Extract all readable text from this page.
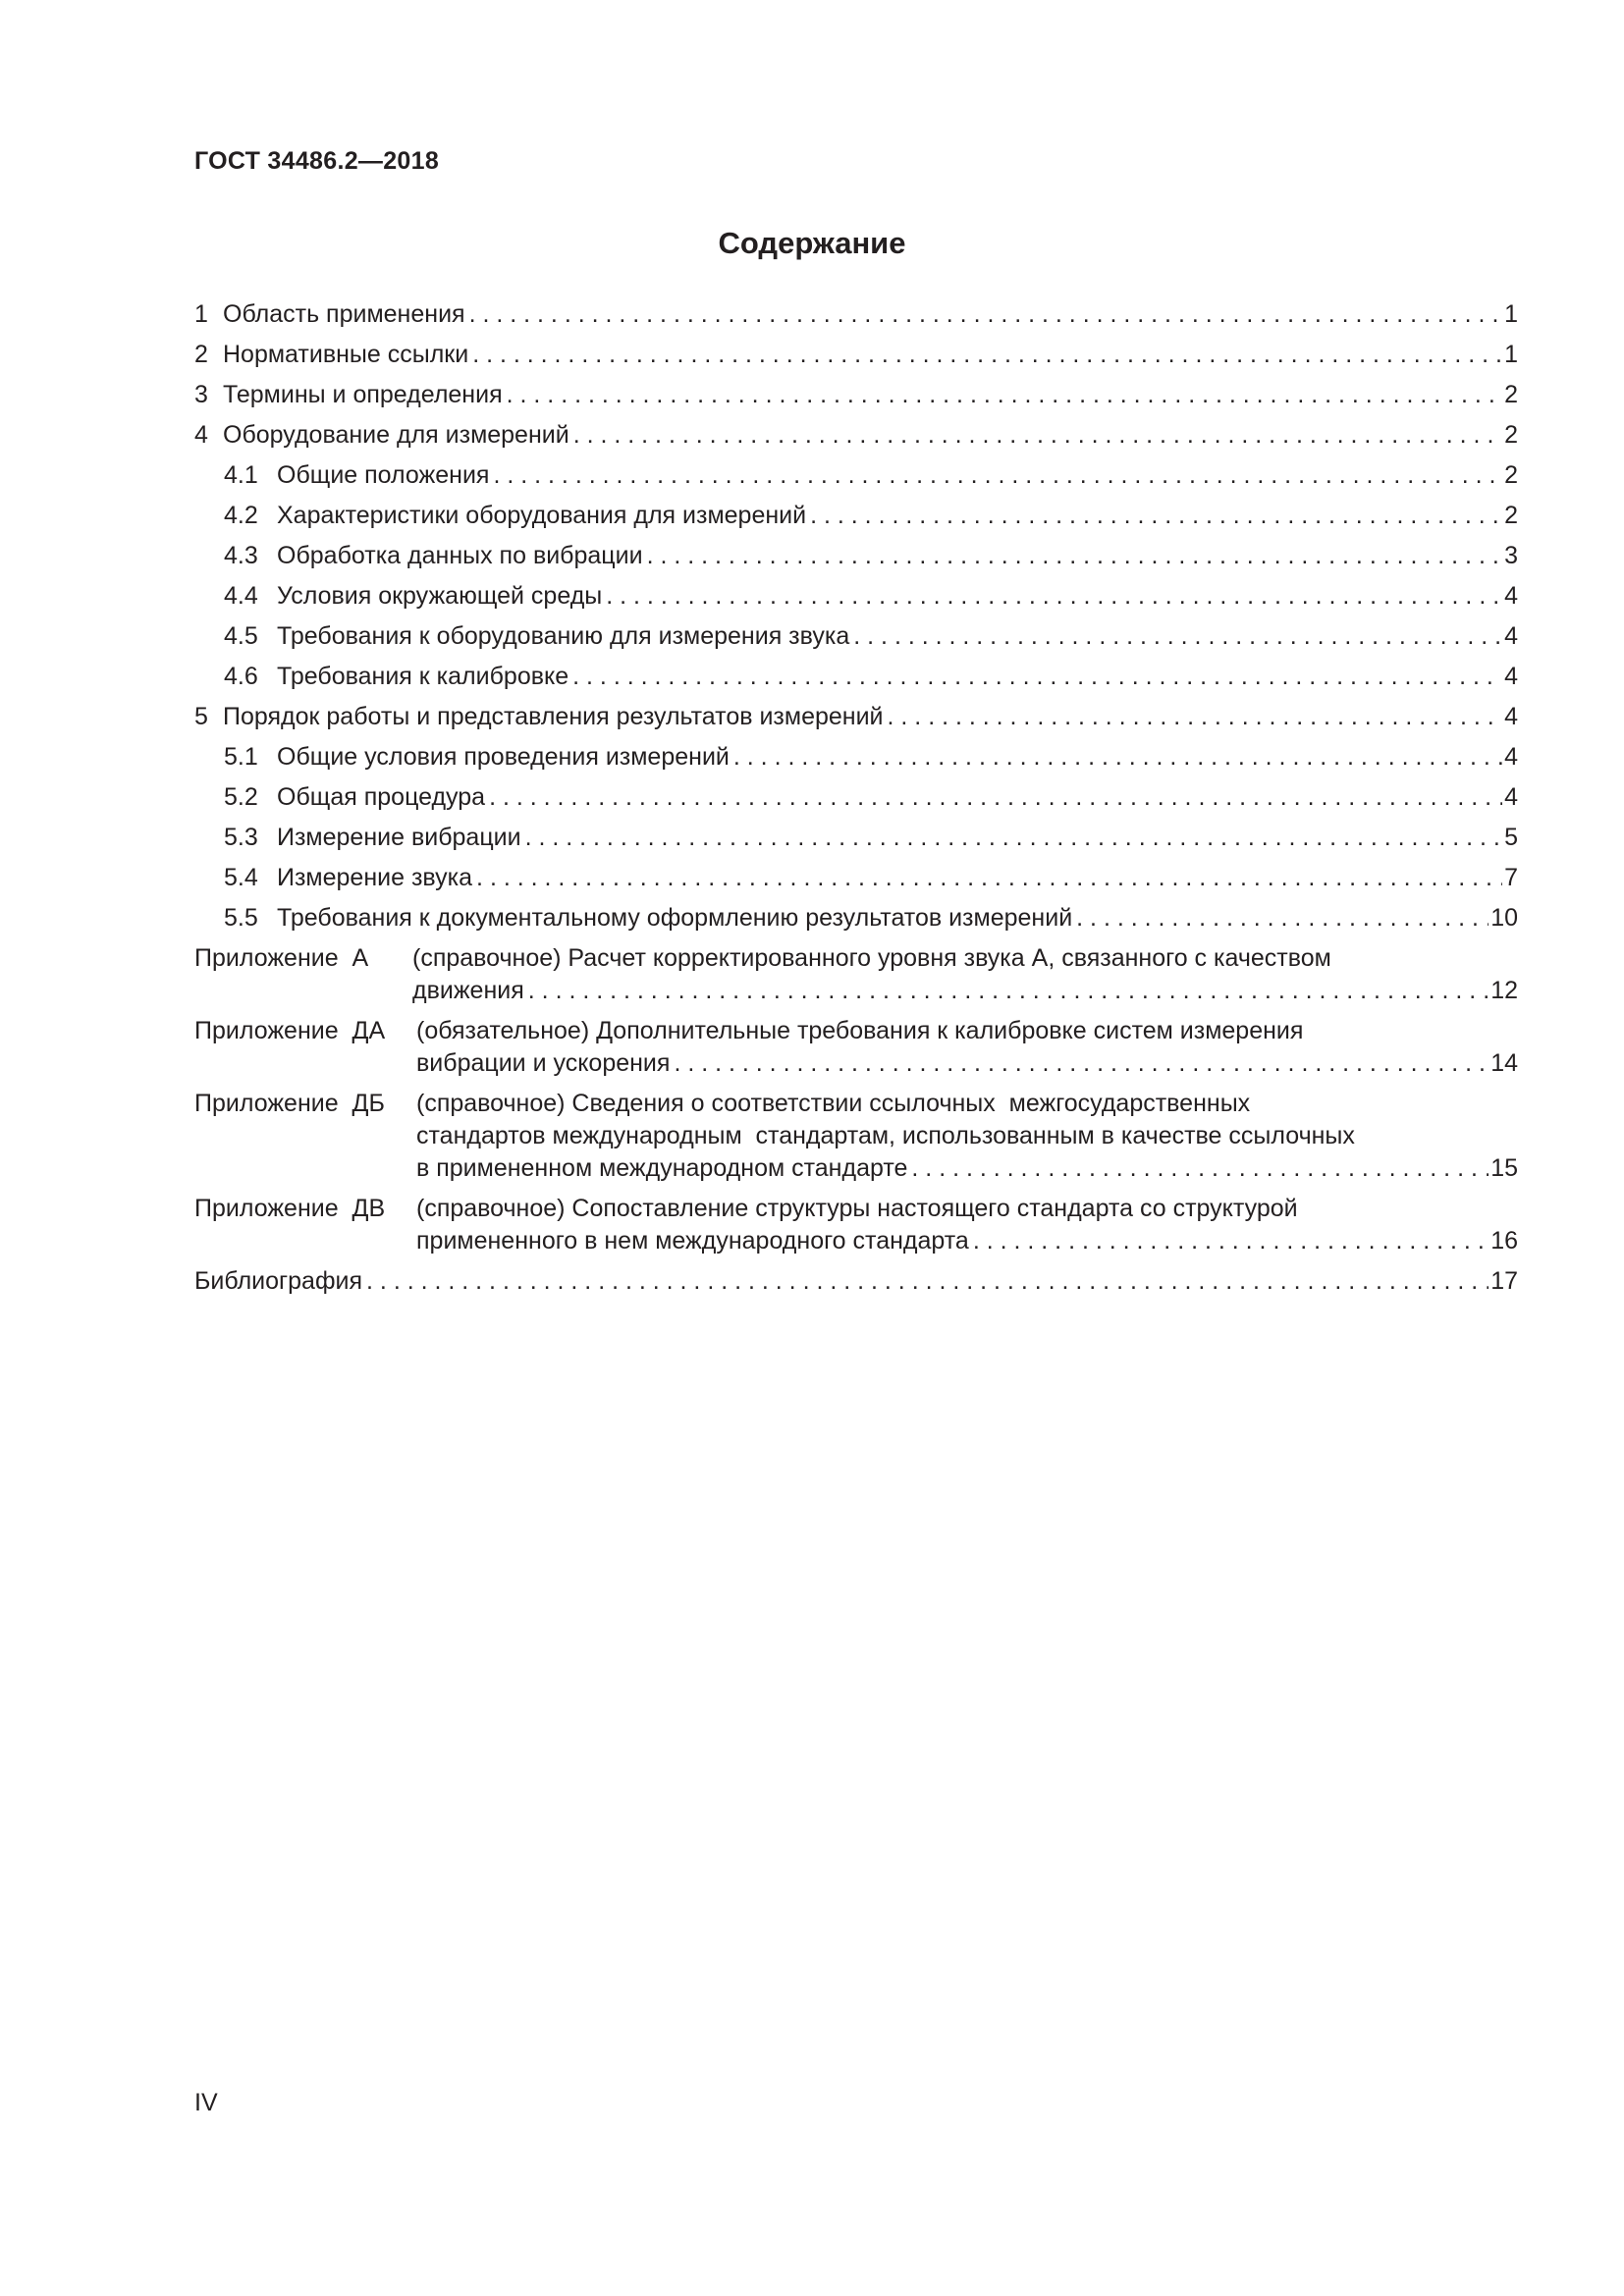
ГОСТ 34486.2—2018
Содержание
1 Область применения . . .	1
2 Нормативные ссылки . . .	1
3 Термины и определения . . .	2
4 Оборудование для измерений . . .	2
4.1 Общие положения . . .	2
4.2 Характеристики оборудования для измерений . . .	2
4.3 Обработка данных по вибрации . . .	3
4.4 Условия окружающей среды . . .	4
4.5 Требования к оборудованию для измерения звука . . .	4
4.6 Требования к калибровке . . .	4
5 Порядок работы и представления результатов измерений . . .	4
5.1 Общие условия проведения измерений . . .	4
5.2 Общая процедура . . .	4
5.3 Измерение вибрации . . .	5
5.4 Измерение звука . . .	7
5.5 Требования к документальному оформлению результатов измерений . . .	10
Приложение  А	(справочное) Расчет корректированного уровня звука А, связанного с качеством
движения . . .	12
Приложение  ДА	(обязательное) Дополнительные требования к калибровке систем измерения
вибрации и ускорения . . .	14
Приложение  ДБ	(справочное) Сведения о соответствии ссылочных  межгосударственных
стандартов международным  стандартам, использованным в качестве ссылочных
в примененном международном стандарте . . .	15
Приложение  ДВ	(справочное) Сопоставление структуры настоящего стандарта со структурой
примененного в нем международного стандарта . . .	16
Библиография . . .	17
IV
